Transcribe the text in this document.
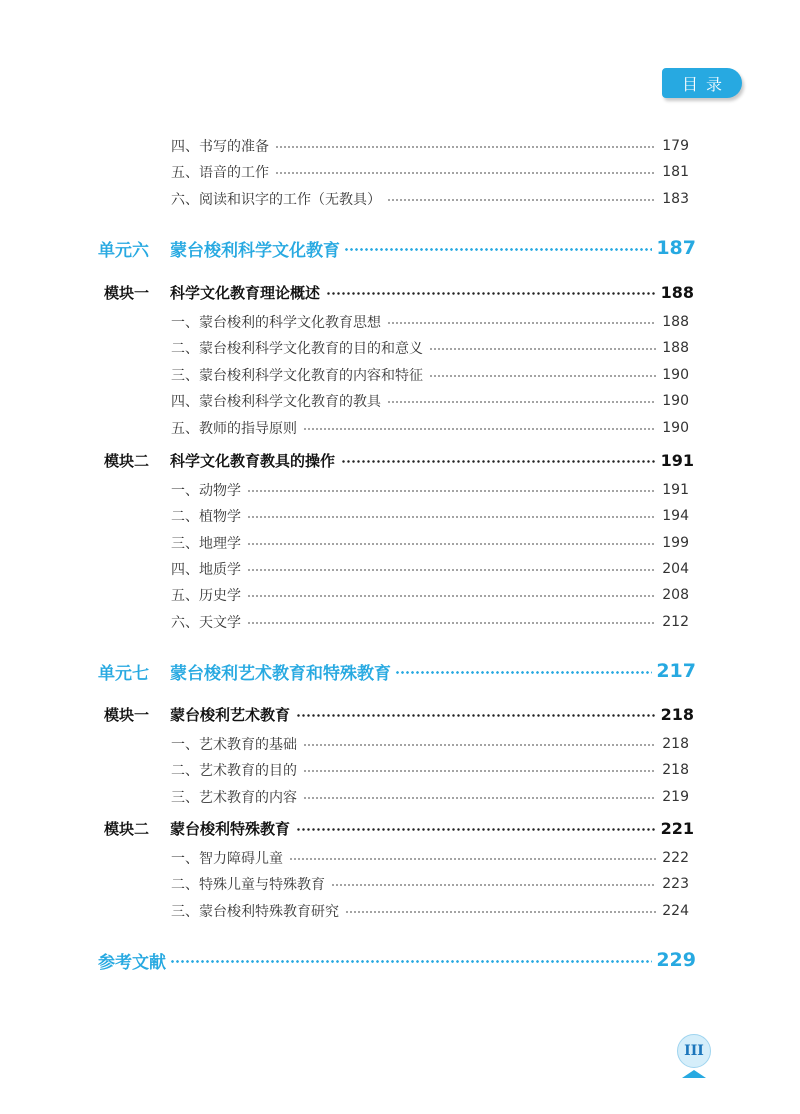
目录
四、书写的准备	179
五、语音的工作	181
六、阅读和识字的工作（无教具）	183
单元六	蒙台梭利科学文化教育	187
模块一	科学文化教育理论概述	188
一、蒙台梭利的科学文化教育思想	188
二、蒙台梭利科学文化教育的目的和意义	188
三、蒙台梭利科学文化教育的内容和特征	190
四、蒙台梭利科学文化教育的教具	190
五、教师的指导原则	190
模块二	科学文化教育教具的操作	191
一、动物学	191
二、植物学	194
三、地理学	199
四、地质学	204
五、历史学	208
六、天文学	212
单元七	蒙台梭利艺术教育和特殊教育	217
模块一	蒙台梭利艺术教育	218
一、艺术教育的基础	218
二、艺术教育的目的	218
三、艺术教育的内容	219
模块二	蒙台梭利特殊教育	221
一、智力障碍儿童	222
二、特殊儿童与特殊教育	223
三、蒙台梭利特殊教育研究	224
参考文献	229
III
